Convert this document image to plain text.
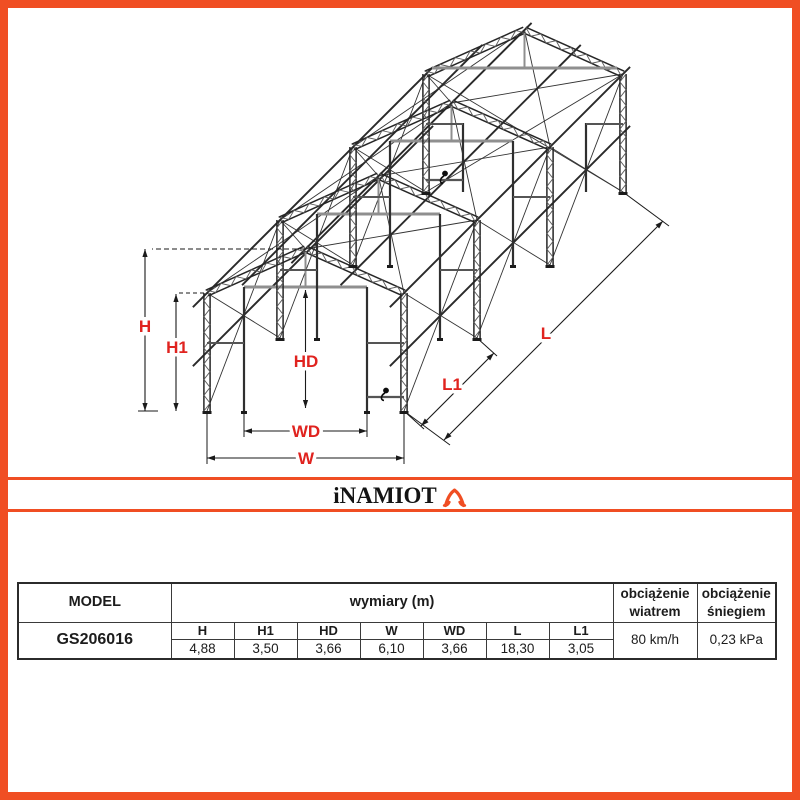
H
H1
HD
WD
W
L1
L
iNAMIOT
MODEL	wymiary (m)							obciążenie wiatrem	obciążenie śniegiem
GS206016	H	H1	HD	W	WD	L	L1	80 km/h	0,23 kPa
	4,88	3,50	3,66	6,10	3,66	18,30	3,05		
